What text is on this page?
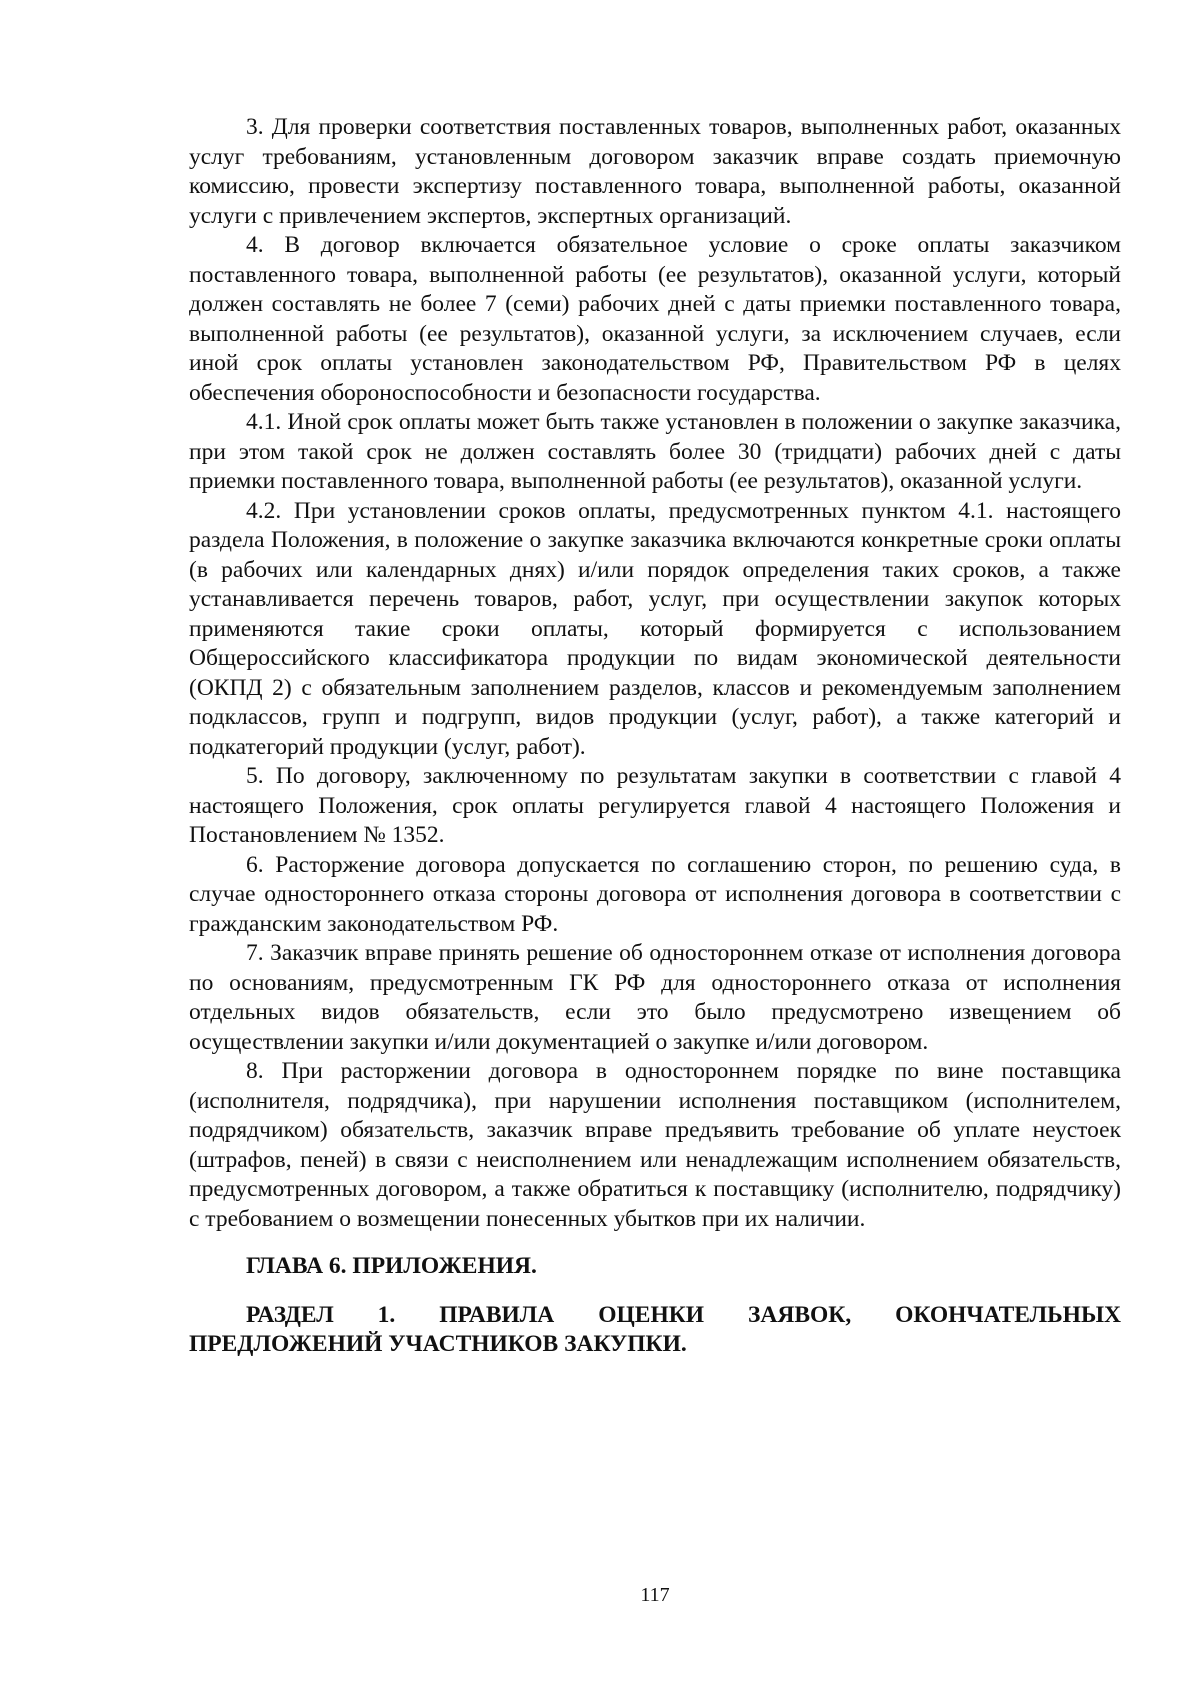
3. Для проверки соответствия поставленных товаров, выполненных работ, оказанных услуг требованиям, установленным договором заказчик вправе создать приемочную комиссию, провести экспертизу поставленного товара, выполненной работы, оказанной услуги с привлечением экспертов, экспертных организаций.

4. В договор включается обязательное условие о сроке оплаты заказчиком поставленного товара, выполненной работы (ее результатов), оказанной услуги, который должен составлять не более 7 (семи) рабочих дней с даты приемки поставленного товара, выполненной работы (ее результатов), оказанной услуги, за исключением случаев, если иной срок оплаты установлен законодательством РФ, Правительством РФ в целях обеспечения обороноспособности и безопасности государства.

4.1. Иной срок оплаты может быть также установлен в положении о закупке заказчика, при этом такой срок не должен составлять более 30 (тридцати) рабочих дней с даты приемки поставленного товара, выполненной работы (ее результатов), оказанной услуги.

4.2. При установлении сроков оплаты, предусмотренных пунктом 4.1. настоящего раздела Положения, в положение о закупке заказчика включаются конкретные сроки оплаты (в рабочих или календарных днях) и/или порядок определения таких сроков, а также устанавливается перечень товаров, работ, услуг, при осуществлении закупок которых применяются такие сроки оплаты, который формируется с использованием Общероссийского классификатора продукции по видам экономической деятельности (ОКПД 2) с обязательным заполнением разделов, классов и рекомендуемым заполнением подклассов, групп и подгрупп, видов продукции (услуг, работ), а также категорий и подкатегорий продукции (услуг, работ).

5. По договору, заключенному по результатам закупки в соответствии с главой 4 настоящего Положения, срок оплаты регулируется главой 4 настоящего Положения и Постановлением № 1352.

6. Расторжение договора допускается по соглашению сторон, по решению суда, в случае одностороннего отказа стороны договора от исполнения договора в соответствии с гражданским законодательством РФ.

7. Заказчик вправе принять решение об одностороннем отказе от исполнения договора по основаниям, предусмотренным ГК РФ для одностороннего отказа от исполнения отдельных видов обязательств, если это было предусмотрено извещением об осуществлении закупки и/или документацией о закупке и/или договором.

8. При расторжении договора в одностороннем порядке по вине поставщика (исполнителя, подрядчика), при нарушении исполнения поставщиком (исполнителем, подрядчиком) обязательств, заказчик вправе предъявить требование об уплате неустоек (штрафов, пеней) в связи с неисполнением или ненадлежащим исполнением обязательств, предусмотренных договором, а также обратиться к поставщику (исполнителю, подрядчику) с требованием о возмещении понесенных убытков при их наличии.

ГЛАВА 6. ПРИЛОЖЕНИЯ.

РАЗДЕЛ 1. ПРАВИЛА ОЦЕНКИ ЗАЯВОК, ОКОНЧАТЕЛЬНЫХ ПРЕДЛОЖЕНИЙ УЧАСТНИКОВ ЗАКУПКИ.

117
